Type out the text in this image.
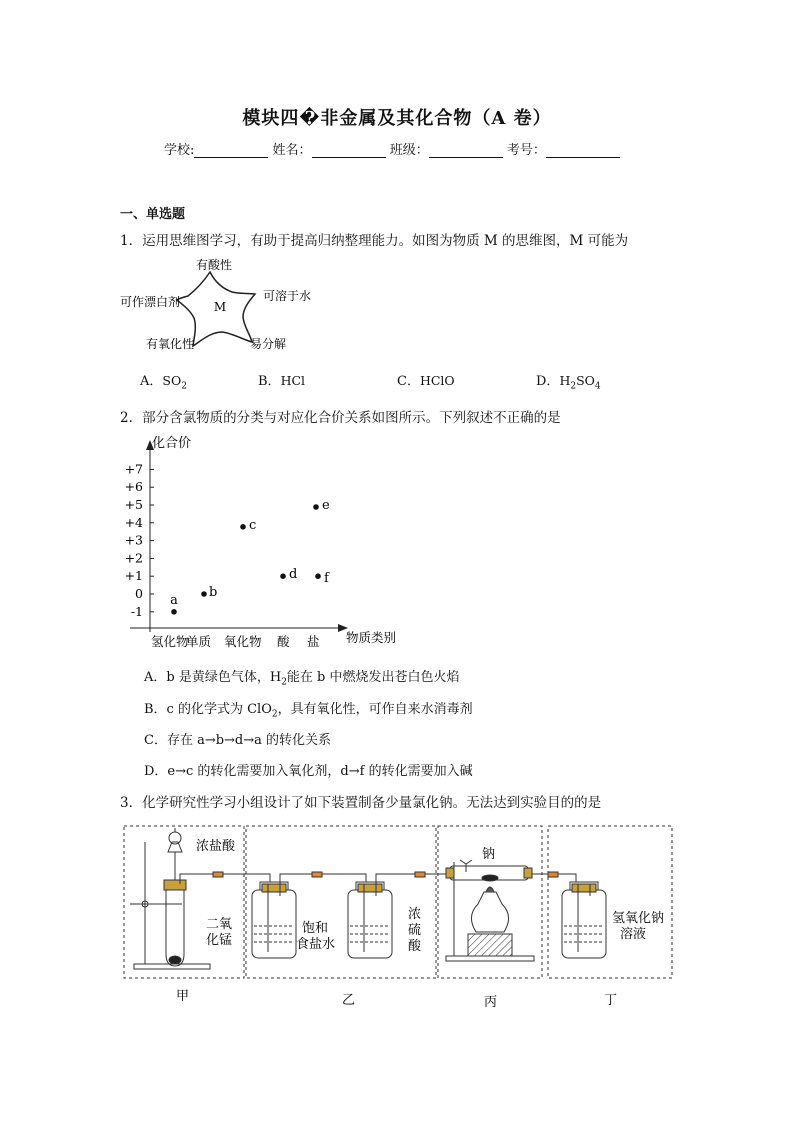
模块四�非金属及其化合物（A 卷）
学校:	姓名：	班级：	考号：
一、单选题
1．运用思维图学习，有助于提高归纳整理能力。如图为物质 M 的思维图，M 可能为
M
有酸性
可溶于水
易分解
有氧化性
可作漂白剂
A．$SO_2$	B．HCl	C．HClO	D．$H_2SO_4$
2．部分含氯物质的分类与对应化合价关系如图所示。下列叙述不正确的是
+7
+6
+5
+4
+3
+2
+1
0
-1
氢化物
单质 氧化物 酸 盐
a
b
c
d
e
f
化合价
物质类别
A．b 是黄绿色气体，$H_2$能在 b 中燃烧发出苍白色火焰
B．c 的化学式为 ClO$_2$，具有氧化性，可作自来水消毒剂
C．存在 a→b→d→a 的转化关系
D．e→c 的转化需要加入氧化剂，d→f 的转化需要加入碱
3．化学研究性学习小组设计了如下装置制备少量氯化钠。无法达到实验目的的是
浓盐酸
二氧
化锰
饱和
食盐水
浓
硫
酸
钠
氢氧化钠
溶液
甲	乙	丙	丁
